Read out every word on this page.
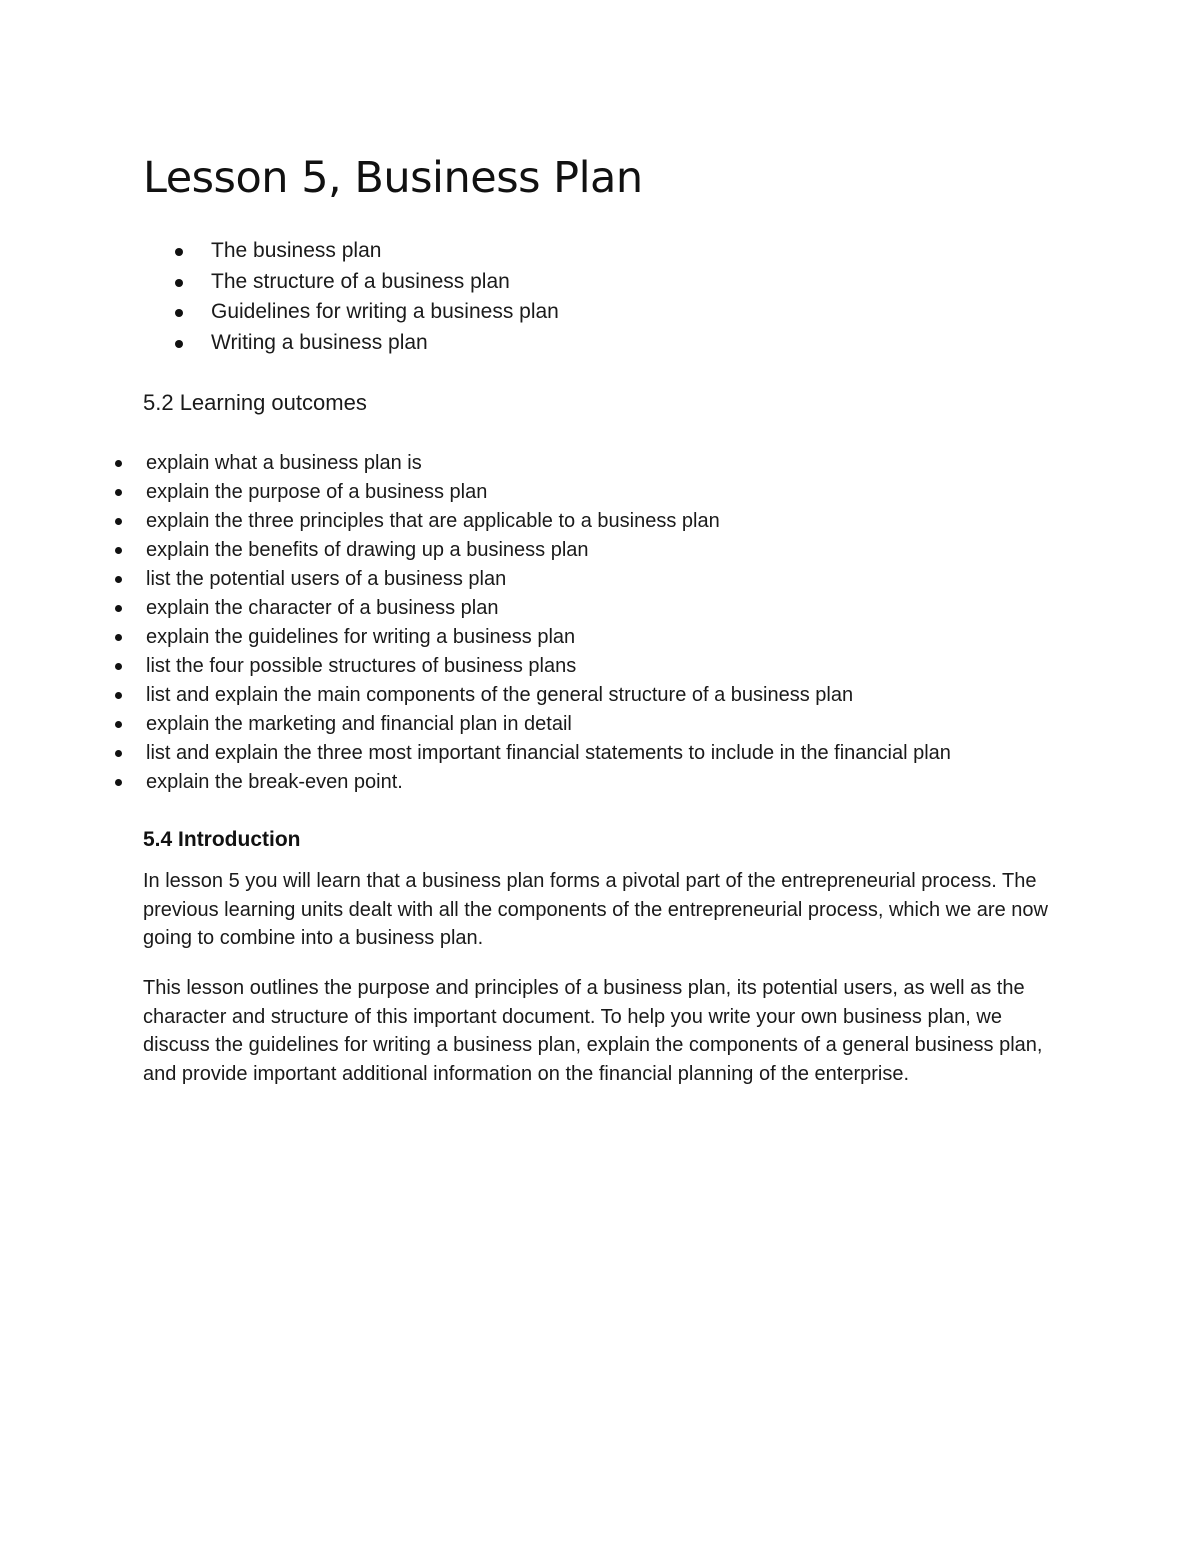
Lesson 5, Business Plan
The business plan
The structure of a business plan
Guidelines for writing a business plan
Writing a business plan
5.2 Learning outcomes
explain what a business plan is
explain the purpose of a business plan
explain the three principles that are applicable to a business plan
explain the benefits of drawing up a business plan
list the potential users of a business plan
explain the character of a business plan
explain the guidelines for writing a business plan
list the four possible structures of business plans
list and explain the main components of the general structure of a business plan
explain the marketing and financial plan in detail
list and explain the three most important financial statements to include in the financial plan
explain the break-even point.
5.4 Introduction

In lesson 5 you will learn that a business plan forms a pivotal part of the entrepreneurial process. The previous learning units dealt with all the components of the entrepreneurial process, which we are now going to combine into a business plan.

This lesson outlines the purpose and principles of a business plan, its potential users, as well as the character and structure of this important document. To help you write your own business plan, we discuss the guidelines for writing a business plan, explain the components of a general business plan, and provide important additional information on the financial planning of the enterprise.
